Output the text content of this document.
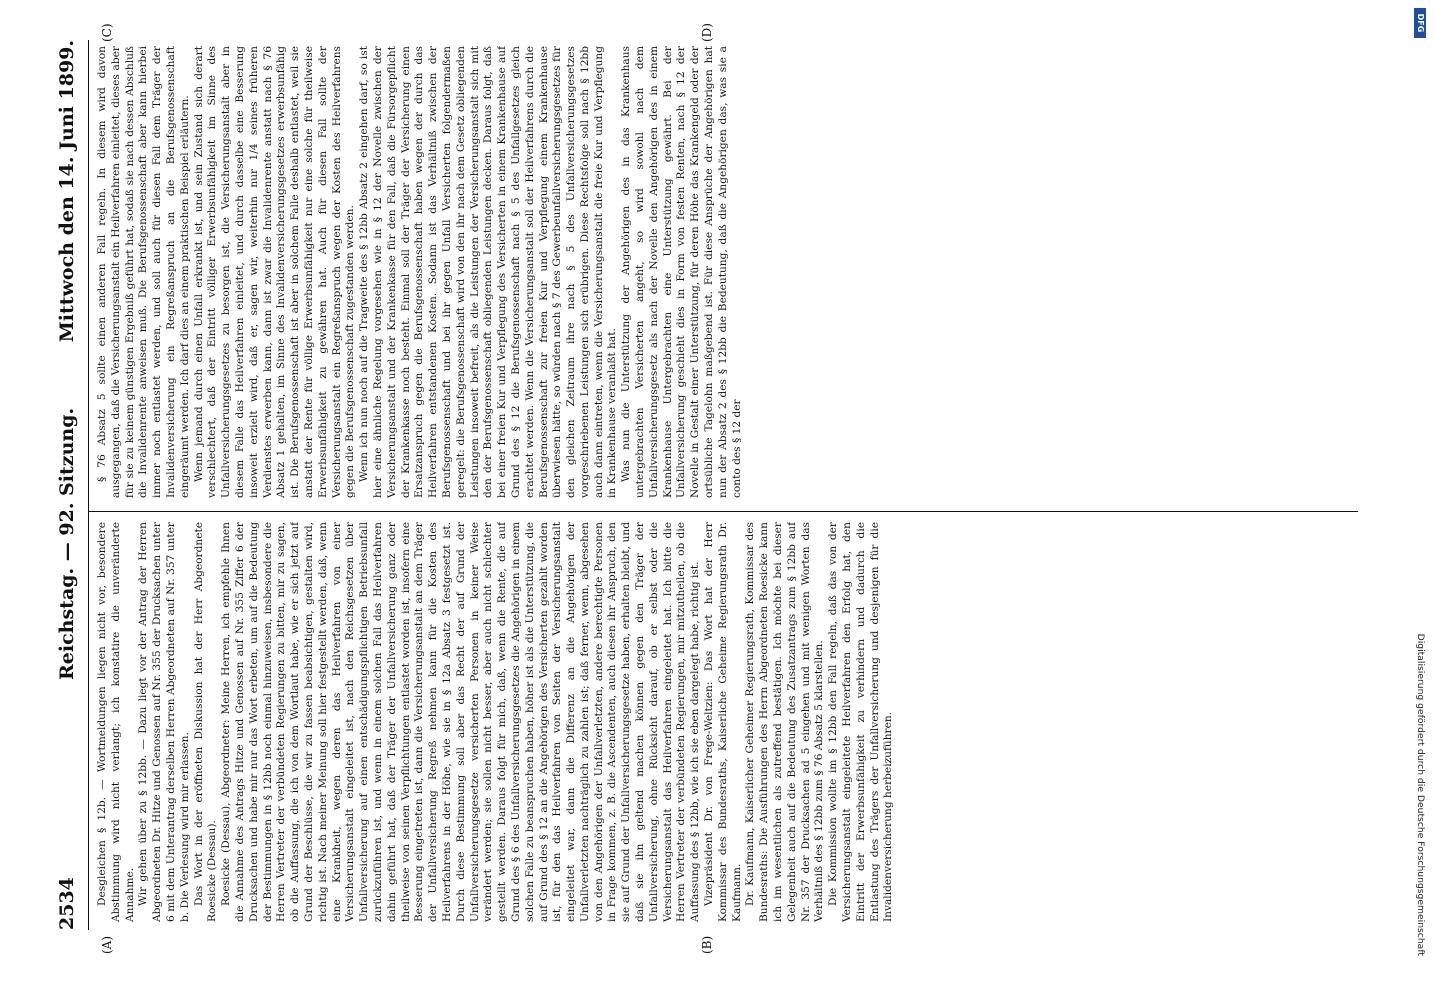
2534
Reichstag. — 92. Sitzung.
Mittwoch den 14. Juni 1899.
(A)	(B)
(C)	(D)

Desgleichen § 12b. — Wortmeldungen liegen nicht vor, besondere Abstimmung wird nicht verlangt; ich konstatire die unveränderte Annahme. Wir gehen über zu § 12bb. — Dazu liegt vor der Antrag der Herren Abgeordneten Dr. Hitze und Genossen auf Nr. 355 der Drucksachen unter 6 mit dem Unterantrag derselben Herren Abgeordneten auf Nr. 357 unter b. Die Verlesung wird mir erlassen. Das Wort in der eröffneten Diskussion hat der Herr Abgeordnete Roesicke (Dessau). Roesicke (Dessau), Abgeordneter: Meine Herren, ich empfehle Ihnen die Annahme des Antrags Hitze und Genossen auf Nr. 355 Ziffer 6 der Drucksachen und habe mir nur das Wort erbeten, um auf die Bedeutung der Bestimmungen in § 12bb noch einmal hinzuweisen, insbesondere die Herren Vertreter der verbündeten Regierungen zu bitten, mir zu sagen, ob die Auffassung, die ich von dem Wortlaut habe, wie er sich jetzt auf Grund der Beschlüsse, die wir zu fassen beabsichtigen, gestalten wird, richtig ist. Nach meiner Meinung soll hier festgestellt werden, daß, wenn eine Krankheit, wegen deren das Heilverfahren von einer Versicherungsanstalt eingeleitet ist, nach den Reichsgesetzen über Unfallversicherung auf einen entschädigungspflichtigen Betriebsunfall zurückzuführen ist, und wenn in einem solchen Fall das Heilverfahren dahin geführt hat, daß der Träger der Unfallversicherung ganz oder theilweise von seinen Verpflichtungen entlastet worden ist, insofern eine Besserung eingetreten ist, dann die Versicherungsanstalt an dem Träger der Unfallversicherung Regreß nehmen kann für die Kosten des Heilverfahrens in der Höhe, wie sie in § 12a Absatz 3 festgesetzt ist. Durch diese Bestimmung soll aber das Recht der auf Grund der Unfallversicherungsgesetze versicherten Personen in keiner Weise verändert werden; sie sollen nicht besser, aber auch nicht schlechter gestellt werden. Daraus folgt für mich, daß, wenn die Rente, die auf Grund des § 6 des Unfallversicherungsgesetzes die Angehörigen in einem solchen Falle zu beanspruchen haben, höher ist als die Unterstützung, die auf Grund des § 12 an die Angehörigen des Versicherten gezahlt worden ist, für den das Heilverfahren von Seiten der Versicherungsanstalt eingeleitet war, dann die Differenz an die Angehörigen der Unfallverletzten nachträglich zu zahlen ist; daß ferner, wenn, abgesehen von den Angehörigen der Unfallverletzten, andere berechtigte Personen in Frage kommen, z. B. die Ascendenten, auch diesen ihr Anspruch, den sie auf Grund der Unfallversicherungsgesetze haben, erhalten bleibt, und daß sie ihn geltend machen können gegen den Träger der Unfallversicherung, ohne Rücksicht darauf, ob er selbst oder die Versicherungsanstalt das Heilverfahren eingeleitet hat. Ich bitte die Herren Vertreter der verbündeten Regierungen, mir mitzutheilen, ob die Auffassung des § 12bb, wie ich sie eben dargelegt habe, richtig ist. Vizepräsident Dr. von Frege-Weltzien: Das Wort hat der Herr Kommissar des Bundesraths, Kaiserliche Geheime Regierungsrath Dr. Kaufmann. Dr. Kaufmann, Kaiserlicher Geheimer Regierungsrath, Kommissar des Bundesraths: Die Ausführungen des Herrn Abgeordneten Roesicke kann ich im wesentlichen als zutreffend bestätigen. Ich möchte bei dieser Gelegenheit auch auf die Bedeutung des Zusatzantrags zum § 12bb auf Nr. 357 der Drucksachen ad 5 eingehen und mit wenigen Worten das Verhältniß des § 12bb zum § 76 Absatz 5 klarstellen. Die Kommission wollte im § 12bb den Fall regeln, daß das von der Versicherungsanstalt eingeleitete Heilverfahren den Erfolg hat, den Eintritt der Erwerbsunfähigkeit zu verhindern und dadurch die Entlastung des Trägers der Unfallversicherung und desjenigen für die Invalidenversicherung herbeizuführen.

§ 76 Absatz 5 sollte einen anderen Fall regeln. In diesem wird davon ausgegangen, daß die Versicherungsanstalt ein Heilverfahren einleitet, dieses aber für sie zu keinem günstigen Ergebniß geführt hat, sodaß sie nach dessen Abschluß die Invalidenrente anweisen muß. Die Berufsgenossenschaft aber kann hierbei immer noch entlastet werden, und soll auch für diesen Fall dem Träger der Invalidenversicherung ein Regreßanspruch an die Berufsgenossenschaft eingeräumt werden. Ich darf dies an einem praktischen Beispiel erläutern. Wenn jemand durch einen Unfall erkrankt ist, und sein Zustand sich derart verschlechtert, daß der Eintritt völliger Erwerbsunfähigkeit im Sinne des Unfallversicherungsgesetzes zu besorgen ist, die Versicherungsanstalt aber in diesem Falle das Heilverfahren einleitet, und durch dasselbe eine Besserung insoweit erzielt wird, daß er, sagen wir, weiterhin nur 1/4 seines früheren Verdienstes erwerben kann, dann ist zwar die Invalidenrente anstatt nach § 76 Absatz 1 gehalten, im Sinne des Invalidenversicherungsgesetzes erwerbsunfähig ist. Die Berufsgenossenschaft ist aber in solchem Falle deshalb entlastet, weil sie anstatt der Rente für völlige Erwerbsunfähigkeit nur eine solche für theilweise Erwerbsunfähigkeit zu gewähren hat. Auch für diesen Fall sollte der Versicherungsanstalt ein Regreßanspruch wegen der Kosten des Heilverfahrens gegen die Berufsgenossenschaft zugestanden werden. Wenn ich nun noch auf die Tragweite des § 12bb Absatz 2 eingehen darf, so ist hier eine ähnliche Regelung vorgesehen wie in § 12 der Novelle zwischen der Versicherungsanstalt und der Krankenkasse für den Fall, daß die Fürsorgepflicht der Krankenkasse noch besteht. Einmal soll der Träger der Versicherung einen Ersatzanspruch gegen die Berufsgenossenschaft haben wegen der durch das Heilverfahren entstandenen Kosten. Sodann ist das Verhältniß zwischen der Berufsgenossenschaft und bei ihr gegen Unfall Versicherten folgendermaßen geregelt: die Berufsgenossenschaft wird von den ihr nach dem Gesetz obliegenden Leistungen insoweit befreit, als die Leistungen der Versicherungsanstalt sich mit den der Berufsgenossenschaft obliegenden Leistungen decken. Daraus folgt, daß bei einer freien Kur und Verpflegung des Versicherten in einem Krankenhause auf Grund des § 12 die Berufsgenossenschaft nach § 5 des Unfallgesetzes gleich erachtet werden. Wenn die Versicherungsanstalt soll der Heilverfahrens durch die Berufsgenossenschaft zur freien Kur und Verpflegung einem Krankenhause überwiesen hätte, so würden nach § 7 des Gewerbeunfallversicherungsgesetzes für den gleichen Zeitraum ihre nach § 5 des Unfallversicherungsgesetzes vorgeschriebenen Leistungen sich erübrigen. Diese Rechtsfolge soll nach § 12bb auch dann eintreten, wenn die Versicherungsanstalt die freie Kur und Verpflegung in Krankenhause veranlaßt hat. Was nun die Unterstützung der Angehörigen des in das Krankenhaus untergebrachten Versicherten angeht, so wird sowohl nach dem Unfallversicherungsgesetz als nach der Novelle den Angehörigen des in einem Krankenhause Untergebrachten eine Unterstützung gewährt. Bei der Unfallversicherung geschieht dies in Form von festen Renten, nach § 12 der Novelle in Gestalt einer Unterstützung, für deren Höhe das Krankengeld oder der ortsübliche Tagelohn maßgebend ist. Für diese Ansprüche der Angehörigen hat nun der Absatz 2 des § 12bb die Bedeutung, daß die Angehörigen das, was sie a conto des § 12 der

DFG
Digitalisierung gefördert durch die Deutsche Forschungsgemeinschaft
